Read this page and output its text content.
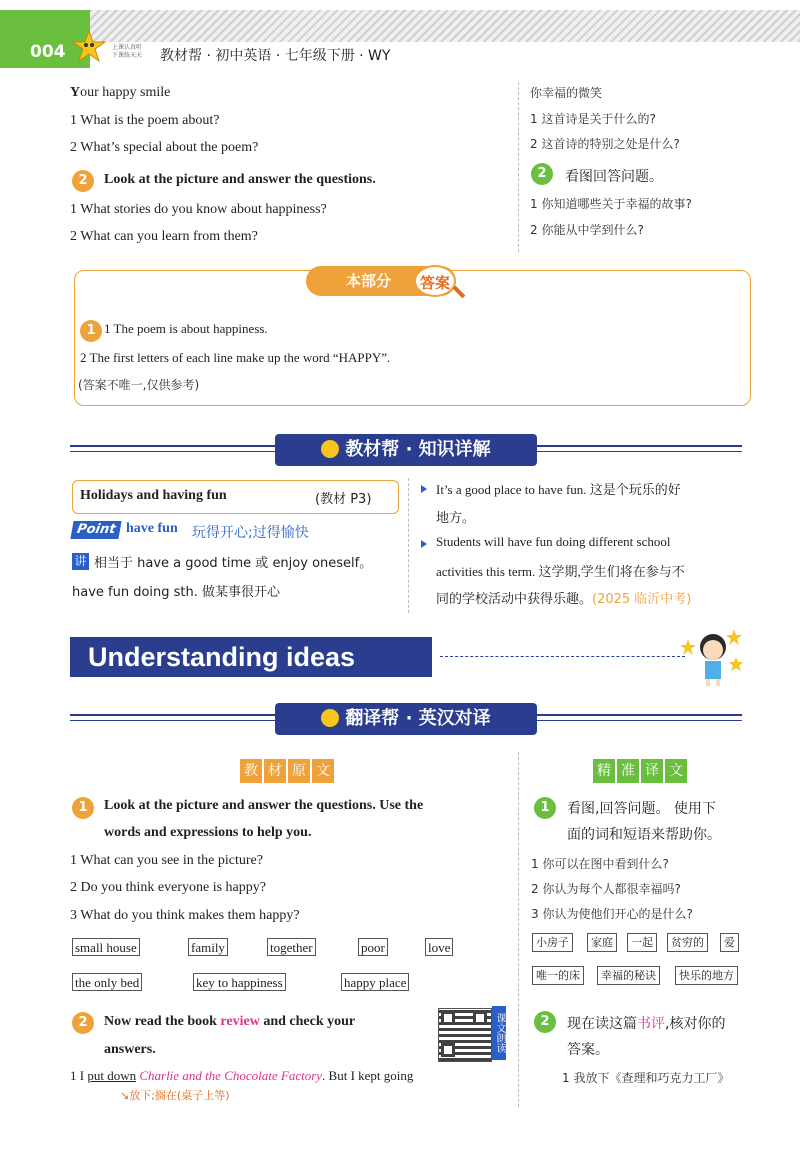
004	上课认真听
下课练天天	教材帮 · 初中英语 · 七年级下册 · WY
Your happy smile
1 What is the poem about?
2 What’s special about the poem?
2	Look at the picture and answer the questions.
1 What stories do you know about happiness?
2 What can you learn from them?
你幸福的微笑
1 这首诗是关于什么的?
2 这首诗的特别之处是什么?
2	看图回答问题。
1 你知道哪些关于幸福的故事?
2 你能从中学到什么?
本部分	答案
1 1 The poem is about happiness.
2 The first letters of each line make up the word “HAPPY”.
(答案不唯一,仅供参考)
教材帮 · 知识详解
Holidays and having fun	(教材 P3)
Point have fun 玩得开心;过得愉快
讲 相当于 have a good time 或 enjoy oneself。
have fun doing sth. 做某事很开心
It’s a good place to have fun. 这是个玩乐的好
地方。
Students will have fun doing different school
activities this term. 这学期,学生们将在参与不
同的学校活动中获得乐趣。(2025 临沂中考)
Understanding ideas
翻译帮 · 英汉对译
教 材 原 文	精 准 译 文
1	Look at the picture and answer the questions. Use the
words and expressions to help you.
1 What can you see in the picture?
2 Do you think everyone is happy?
3 What do you think makes them happy?
small house	family	together	poor	love
the only bed	key to happiness	happy place
2	Now read the book review and check your
answers.	课文朗读
1 I put down Charlie and the Chocolate Factory. But I kept going
↘放下;搁在(桌子上等)
1	看图,回答问题。 使用下
面的词和短语来帮助你。
1 你可以在图中看到什么?
2 你认为每个人都很幸福吗?
3 你认为使他们开心的是什么?
小房子	家庭	一起	贫穷的	爱
唯一的床	幸福的秘诀	快乐的地方
2	现在读这篇书评,核对你的
答案。
1 我放下《查理和巧克力工厂》
